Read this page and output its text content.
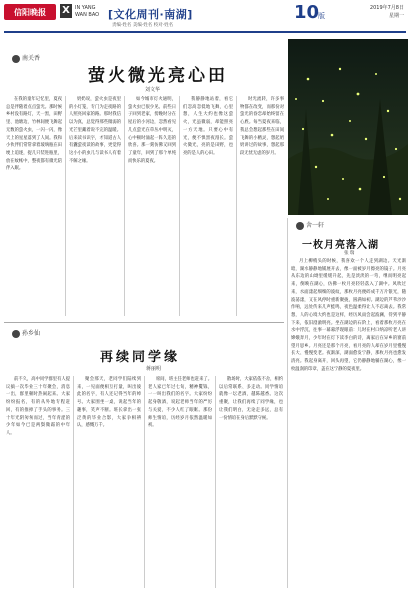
信阳晚报	X	IN YANG
WAN BAO [文化周刊·南湖]
责编·姓名 美编·姓名 校对·姓名
10
版
2019年7月8日
星期一
南关香
萤火微光亮心田
刘文华

在我的童年记忆里，夏夜总是伴随着点点萤光。那时候乡村没有路灯，天一黑，田野里、池塘边、竹林间便飞舞起无数的萤火虫，一闪一闪，像天上的星星落到了人间。我和小伙伴们常常拿着玻璃瓶在田埂上追逐，捉几只装进瓶里，放在蚊帐中，整夜都有微光陪伴入眠。

奶奶说，萤火虫是夜里的小灯笼，专门为走夜路的人照亮回家的路。那时我信以为真，总觉得那些微弱的光芒里藏着说不完的温暖。后来读书识字，才知道古人有囊萤夜读的故事，更觉得这小小的虫儿与读书人有着不解之缘。

如今城市灯火通明，萤火虫已很少见。前些日子回到老家，傍晚时分在屋后的小河边，忽然看见几点萤光在草丛中明灭，心中顿时涌起一阵久违的欣喜。那一刻仿佛又回到了童年，回到了那个单纯而快乐的夏夜。

我静静地站着，看它们忽高忽低地飞舞，心里想，人生大约也像这萤火，光虽微弱，却能照亮一方天地。只要心中有光，便不惧黑夜漫长。萤火微光，亮的是田野，也亮的是人的心田。

时光流转，许多事物都在改变，而那份对萤光的眷恋却始终留在心底。每当夏夜来临，我总会想起那些在田间飞舞的小精灵，想起奶奶讲过的故事，想起那段无忧无虑的岁月。

舍一轩
一枚月亮落入湖
张 瑞

月上柳梢头的时候，我喜欢一个人走到湖边。天光渐暗，湖水静静地铺展开去，像一面被岁月擦亮的镜子。月亮从东边的山坳里缓缓升起，先是淡淡的一弯，继而明亮起来，倒映在湖心，仿佛一枚月亮轻轻落入了湖中。风吹过来，水面漾起细细的波纹，那枚月亮便碎成千万片银光，随波荡漾，又在风停时重新聚拢，圆满如初。湖边的芦苇沙沙作响，远处传来几声蛙鸣，夜色温柔得让人不忍离去。我常想，人的心境大约也是这样，经历风雨会起波澜，待到平静下来，依旧澄澈明亮。坐在湖边的石阶上，看着那枚月亮在水中浮沉，往事一幕幕浮现眼前：儿时在村口纳凉听老人讲嫦娥奔月，少年时在灯下读李白的诗，离家后在异乡的窗前望月思乡。月亮还是那个月亮，看月亮的人却在岁月里慢慢长大、慢慢变老。夜渐深，湖面愈发宁静，那枚月亮也愈发清亮。我起身离开，回头再望，它仍静静地躺在湖心，像一枚温润的印章，盖在这宁静的夏夜里。

孙乡仙
再续同学缘
蒋丽明

前不久，高中同学群里有人提议搞一次毕业三十年聚会，消息一出，群里顿时热闹起来。大家纷纷报名，有的从外地专程赶回，有的推掉了手头的事务。三十年光阴匆匆而过，当年青涩的少年如今已是两鬓微霜的中年人。

聚会那天，老同学们陆续到来，一见面便相互打量，叫出彼此的名字，有人还记得当年的绰号。大家围坐一桌，说起当年的趣事，笑声不断。班长拿出一张泛黄的毕业合影，大家争相辨认，感慨万千。

席间，班主任老师也赶来了。老人家已年过七旬，精神矍铄，一一叫出我们的名字。大家纷纷起身敬酒，说起老师当年的严厉与关爱，不少人红了眼眶。那份师生情谊，历经岁月依然温暖如初。

散场时，大家依依不舍，相约以后常联系、多走动。同学情谊就像一坛老酒，越陈越香。这次重聚，让我们再续了同学缘，也让我们明白，无论走多远，总有一份情谊在身后默默守候。
